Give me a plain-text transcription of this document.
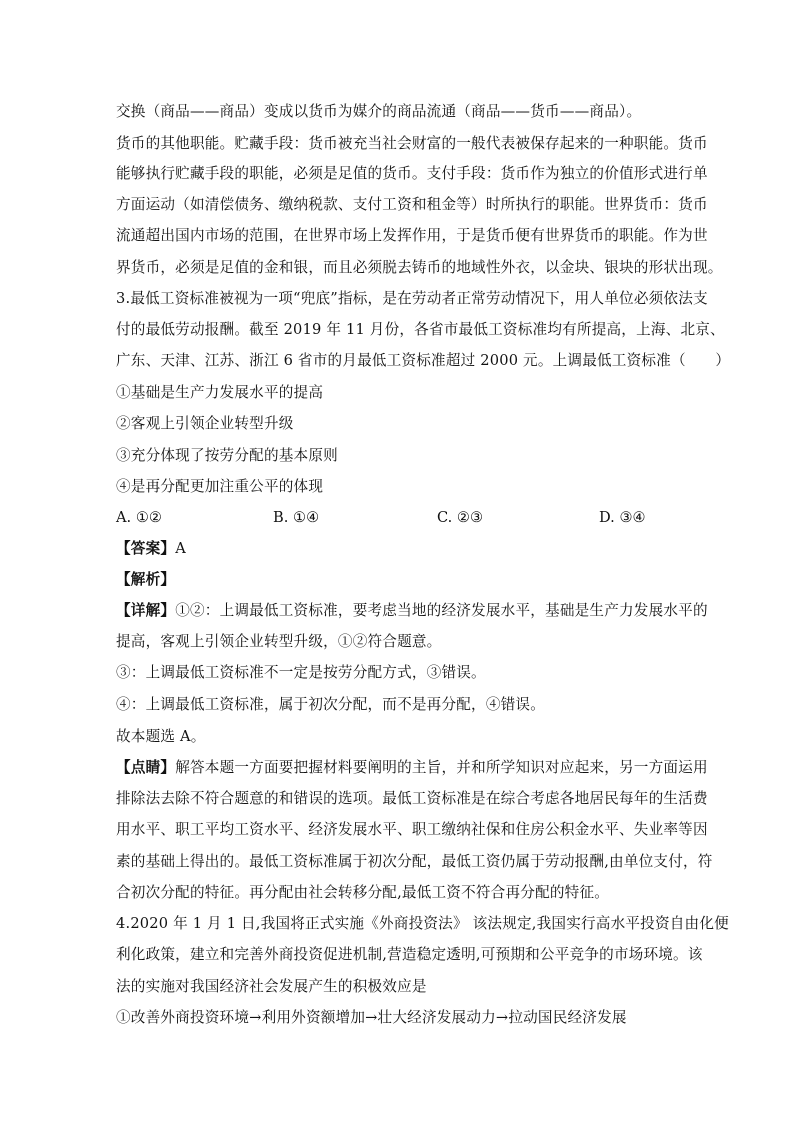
交换（商品——商品）变成以货币为媒介的商品流通（商品——货币——商品）。
货币的其他职能。贮藏手段：货币被充当社会财富的一般代表被保存起来的一种职能。货币
能够执行贮藏手段的职能，必须是足值的货币。支付手段：货币作为独立的价值形式进行单
方面运动（如清偿债务、缴纳税款、支付工资和租金等）时所执行的职能。世界货币：货币
流通超出国内市场的范围，在世界市场上发挥作用，于是货币便有世界货币的职能。作为世
界货币，必须是足值的金和银，而且必须脱去铸币的地域性外衣，以金块、银块的形状出现。
3.最低工资标准被视为一项“兜底”指标，是在劳动者正常劳动情况下，用人单位必须依法支
付的最低劳动报酬。截至 2019 年 11 月份，各省市最低工资标准均有所提高，上海、北京、
广东、天津、江苏、浙江 6 省市的月最低工资标准超过 2000 元。上调最低工资标准（　　）
①基础是生产力发展水平的提高
②客观上引领企业转型升级
③充分体现了按劳分配的基本原则
④是再分配更加注重公平的体现
A. ①②	B. ①④	C. ②③	D. ③④
【答案】A
【解析】
【详解】①②：上调最低工资标准，要考虑当地的经济发展水平，基础是生产力发展水平的
提高，客观上引领企业转型升级，①②符合题意。
③：上调最低工资标准不一定是按劳分配方式，③错误。
④：上调最低工资标准，属于初次分配，而不是再分配，④错误。
故本题选 A。
【点睛】解答本题一方面要把握材料要阐明的主旨，并和所学知识对应起来，另一方面运用
排除法去除不符合题意的和错误的选项。最低工资标准是在综合考虑各地居民每年的生活费
用水平、职工平均工资水平、经济发展水平、职工缴纳社保和住房公积金水平、失业率等因
素的基础上得出的。最低工资标准属于初次分配，最低工资仍属于劳动报酬,由单位支付，符
合初次分配的特征。再分配由社会转移分配,最低工资不符合再分配的特征。
4.2020 年 1 月 1 日,我国将正式实施《外商投资法》 该法规定,我国实行高水平投资自由化便
利化政策，建立和完善外商投资促进机制,营造稳定透明,可预期和公平竞争的市场环境。该
法的实施对我国经济社会发展产生的积极效应是
①改善外商投资环境→利用外资额增加→壮大经济发展动力→拉动国民经济发展
